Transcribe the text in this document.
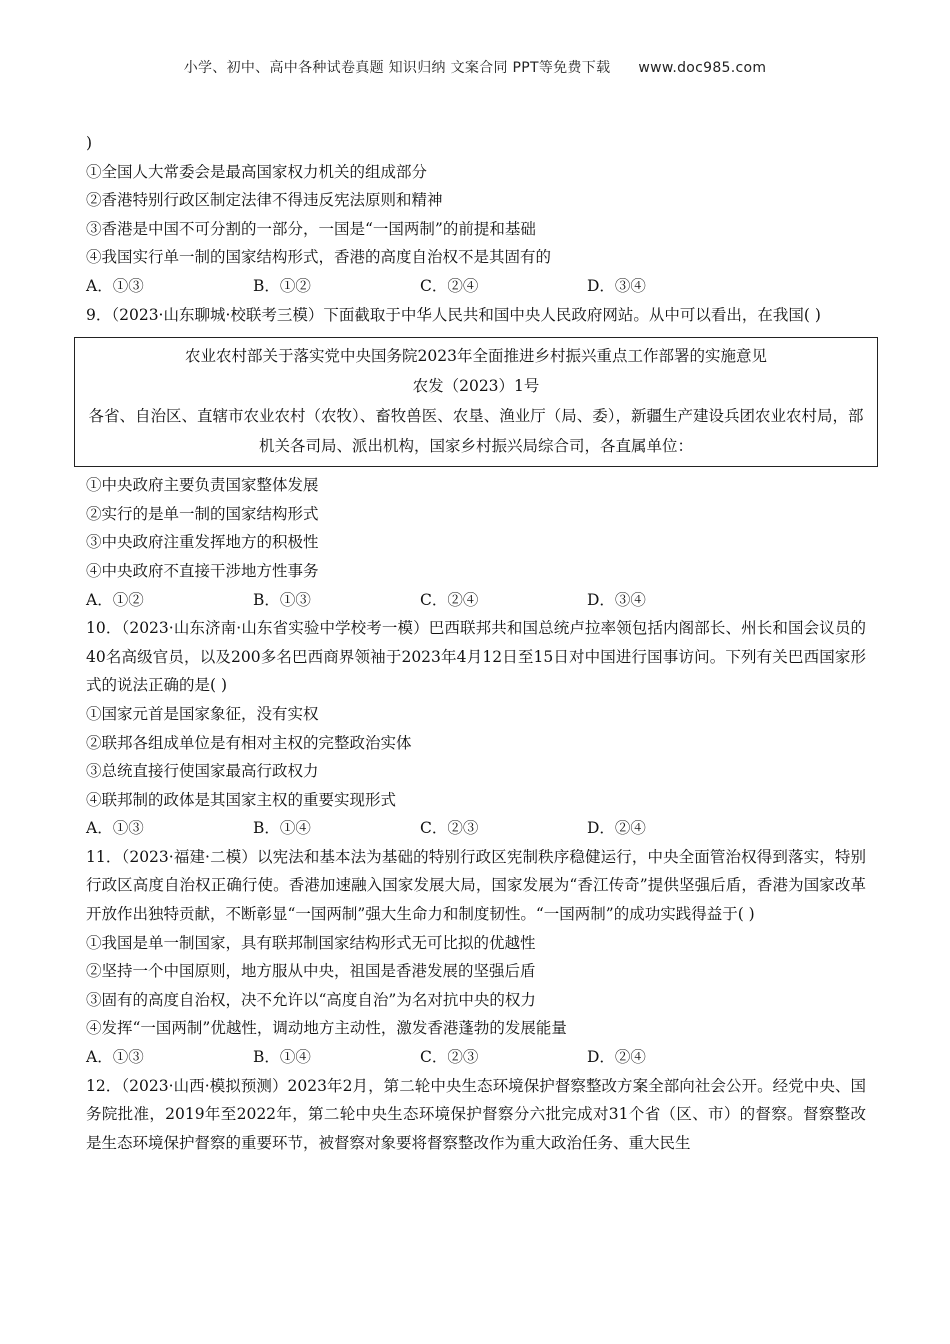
小学、初中、高中各种试卷真题 知识归纳 文案合同 PPT等免费下载 www.doc985.com
)
①全国人大常委会是最高国家权力机关的组成部分
②香港特别行政区制定法律不得违反宪法原则和精神
③香港是中国不可分割的一部分，一国是“一国两制”的前提和基础
④我国实行单一制的国家结构形式，香港的高度自治权不是其固有的
A．①③	B．①②	C．②④	D．③④
9．（2023·山东聊城·校联考三模）下面截取于中华人民共和国中央人民政府网站。从中可以看出，在我国( )
农业农村部关于落实党中央国务院2023年全面推进乡村振兴重点工作部署的实施意见
农发（2023）1号
各省、自治区、直辖市农业农村（农牧）、畜牧兽医、农垦、渔业厅（局、委），新疆生产建设兵团农业农村局，部机关各司局、派出机构，国家乡村振兴局综合司，各直属单位：
①中央政府主要负责国家整体发展
②实行的是单一制的国家结构形式
③中央政府注重发挥地方的积极性
④中央政府不直接干涉地方性事务
A．①②	B．①③	C．②④	D．③④
10．（2023·山东济南·山东省实验中学校考一模）巴西联邦共和国总统卢拉率领包括内阁部长、州长和国会议员的40名高级官员，以及200多名巴西商界领袖于2023年4月12日至15日对中国进行国事访问。下列有关巴西国家形式的说法正确的是( )
①国家元首是国家象征，没有实权
②联邦各组成单位是有相对主权的完整政治实体
③总统直接行使国家最高行政权力
④联邦制的政体是其国家主权的重要实现形式
A．①③	B．①④	C．②③	D．②④
11．（2023·福建·二模）以宪法和基本法为基础的特别行政区宪制秩序稳健运行，中央全面管治权得到落实，特别行政区高度自治权正确行使。香港加速融入国家发展大局，国家发展为“香江传奇”提供坚强后盾，香港为国家改革开放作出独特贡献，不断彰显“一国两制”强大生命力和制度韧性。“一国两制”的成功实践得益于( )
①我国是单一制国家，具有联邦制国家结构形式无可比拟的优越性
②坚持一个中国原则，地方服从中央，祖国是香港发展的坚强后盾
③固有的高度自治权，决不允许以“高度自治”为名对抗中央的权力
④发挥“一国两制”优越性，调动地方主动性，激发香港蓬勃的发展能量
A．①③	B．①④	C．②③	D．②④
12．（2023·山西·模拟预测）2023年2月，第二轮中央生态环境保护督察整改方案全部向社会公开。经党中央、国务院批准，2019年至2022年，第二轮中央生态环境保护督察分六批完成对31个省（区、市）的督察。督察整改是生态环境保护督察的重要环节，被督察对象要将督察整改作为重大政治任务、重大民生
